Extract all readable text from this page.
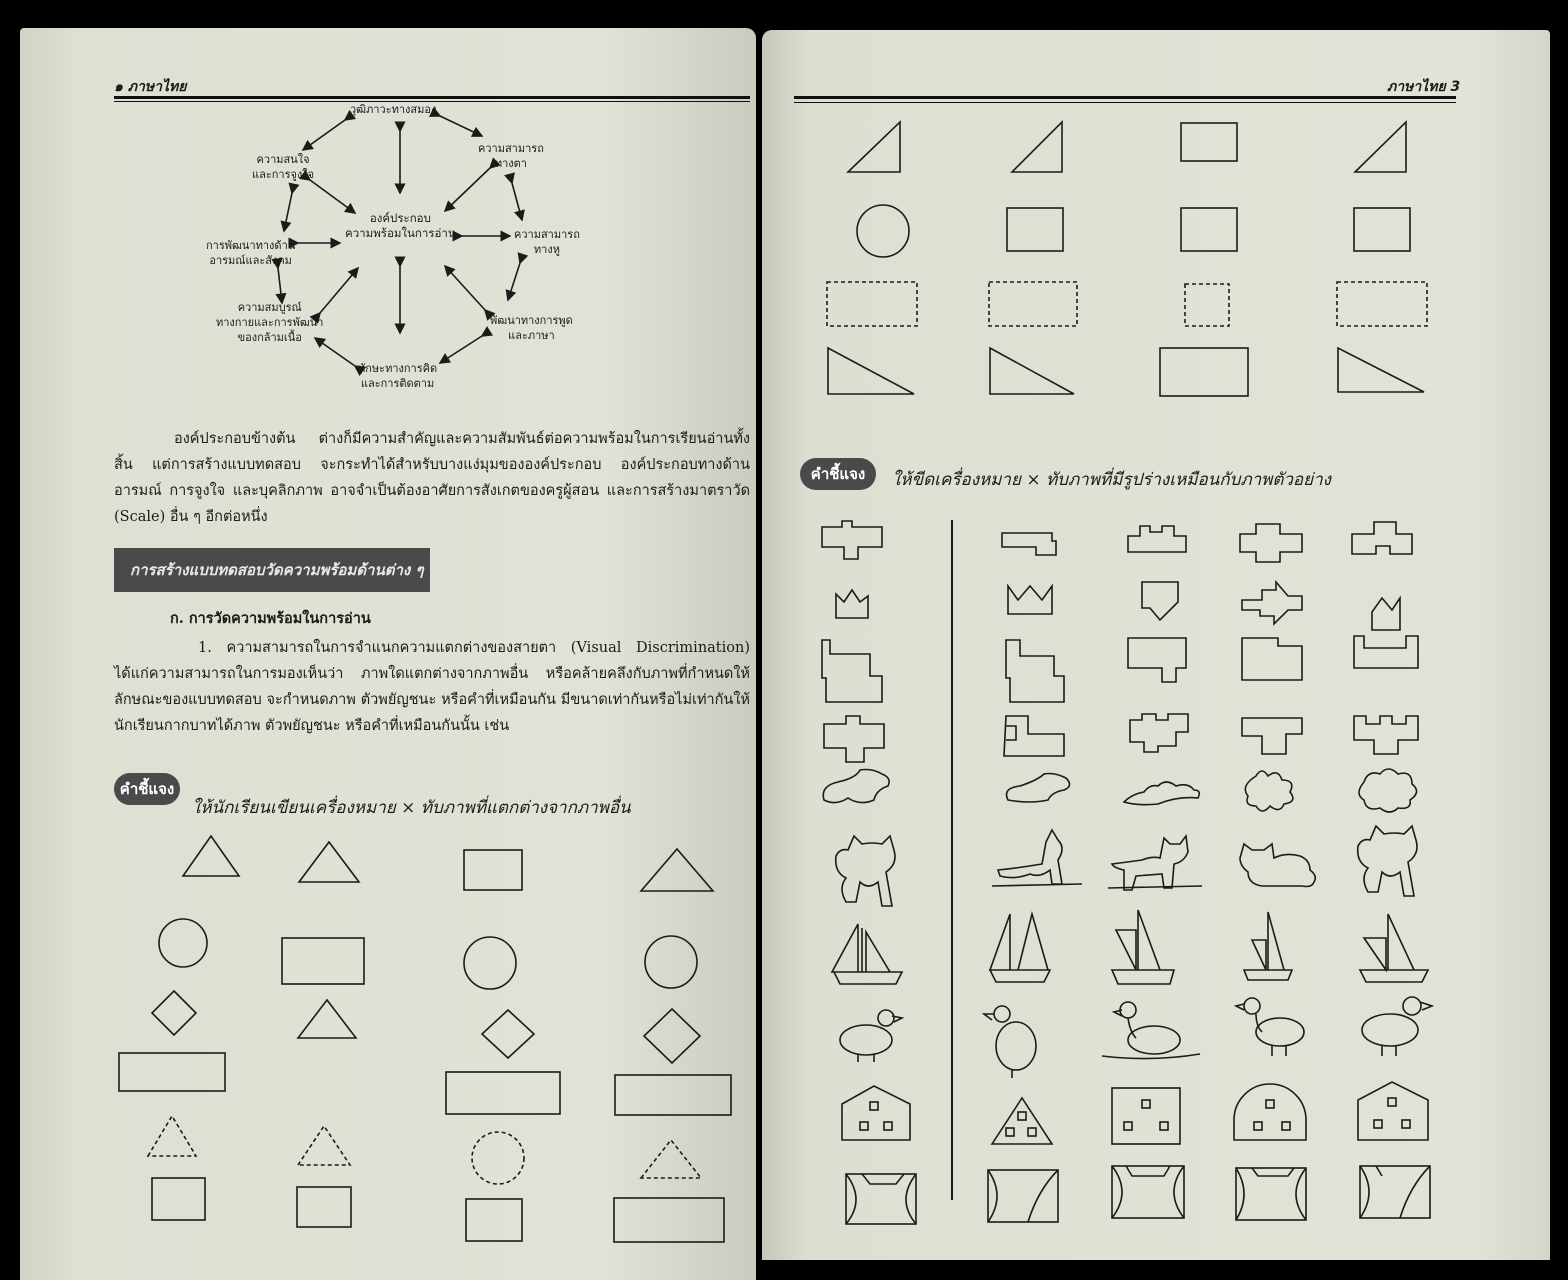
๑ ภาษาไทย
วุฒิภาวะทางสมอง
ความสามารถ
ทางตา
ความสามารถ
ทางหู
พัฒนาทางการพูด
และภาษา
ทักษะทางการคิด
และการติดตาม
ความสมบูรณ์
ทางกายและการพัฒนา
ของกล้ามเนื้อ
การพัฒนาทางด้าน
อารมณ์และสังคม
ความสนใจ
และการจูงใจ
องค์ประกอบ
ความพร้อมในการอ่าน
องค์ประกอบข้างต้น ต่างก็มีความสำคัญและความสัมพันธ์ต่อความพร้อมในการเรียนอ่านทั้งสิ้น แต่การสร้างแบบทดสอบ จะกระทำได้สำหรับบางแง่มุมขององค์ประกอบ องค์ประกอบทางด้านอารมณ์ การจูงใจ และบุคลิกภาพ อาจจำเป็นต้องอาศัยการสังเกตของครูผู้สอน และการสร้างมาตราวัด (Scale) อื่น ๆ อีกต่อหนึ่ง
การสร้างแบบทดสอบวัดความพร้อมด้านต่าง ๆ
ก. การวัดความพร้อมในการอ่าน
1. ความสามารถในการจำแนกความแตกต่างของสายตา (Visual Discrimination) ได้แก่ความสามารถในการมองเห็นว่า ภาพใดแตกต่างจากภาพอื่น หรือคล้ายคลึงกับภาพที่กำหนดให้ ลักษณะของแบบทดสอบ จะกำหนดภาพ ตัวพยัญชนะ หรือคำที่เหมือนกัน มีขนาดเท่ากันหรือไม่เท่ากันให้นักเรียนกากบาทได้ภาพ ตัวพยัญชนะ หรือคำที่เหมือนกันนั้น เช่น
คำชี้แจง
ให้นักเรียนเขียนเครื่องหมาย × ทับภาพที่แตกต่างจากภาพอื่น
ภาษาไทย 3
คำชี้แจง	ให้ขีดเครื่องหมาย × ทับภาพที่มีรูปร่างเหมือนกับภาพตัวอย่าง
